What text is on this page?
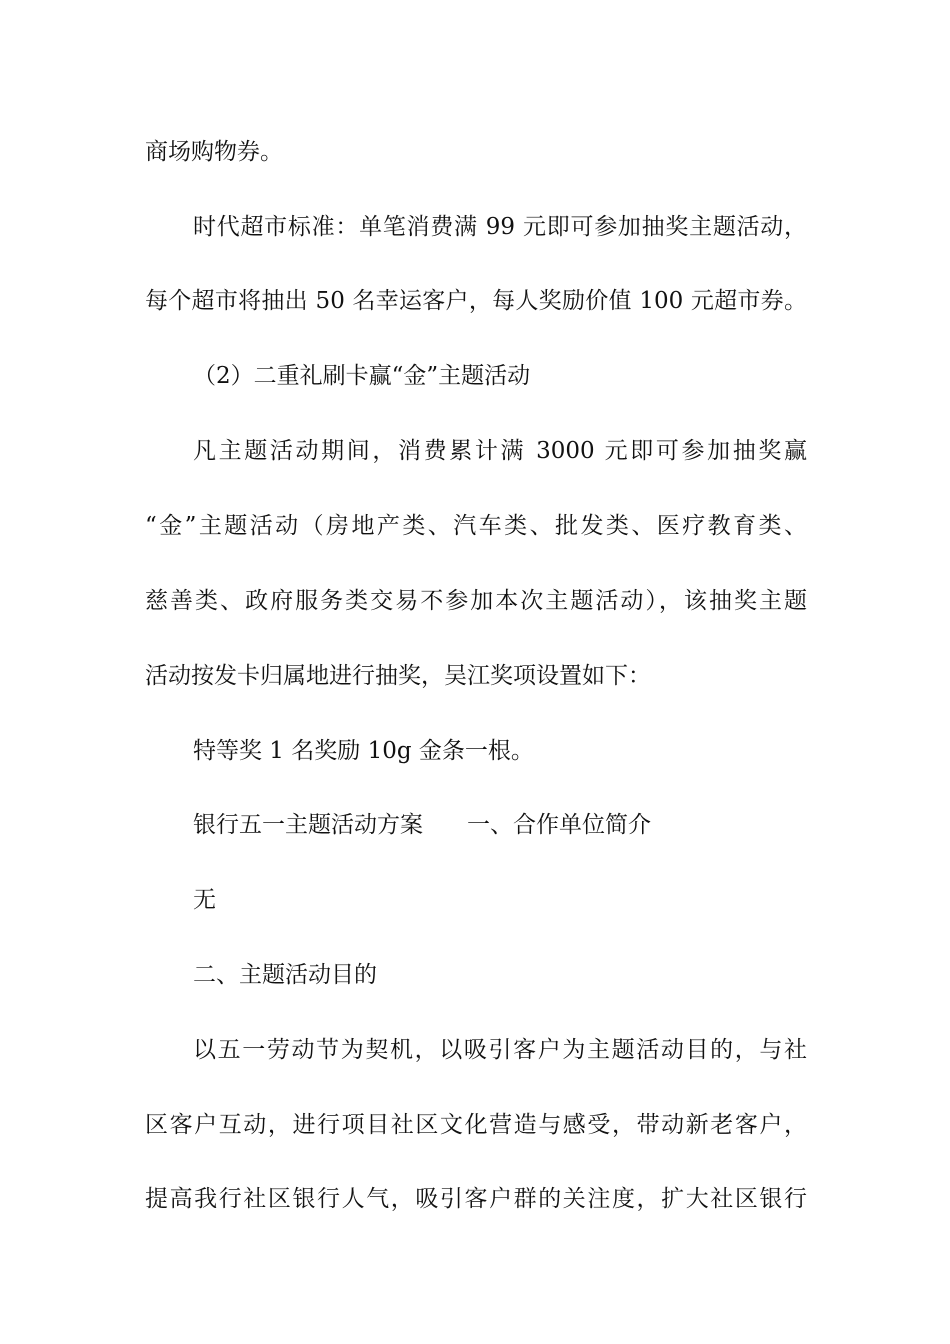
商场购物券。
时代超市标准：单笔消费满 99 元即可参加抽奖主题活动，
每个超市将抽出 50 名幸运客户，每人奖励价值 100 元超市券。
（2）二重礼刷卡赢“金”主题活动
凡主题活动期间，消费累计满 3000 元即可参加抽奖赢
“金”主题活动（房地产类、汽车类、批发类、医疗教育类、
慈善类、政府服务类交易不参加本次主题活动），该抽奖主题
活动按发卡归属地进行抽奖，吴江奖项设置如下：
特等奖 1 名奖励 10g 金条一根。
银行五一主题活动方案 一、合作单位简介
无
二、主题活动目的
以五一劳动节为契机，以吸引客户为主题活动目的，与社
区客户互动，进行项目社区文化营造与感受，带动新老客户，
提高我行社区银行人气，吸引客户群的关注度，扩大社区银行
